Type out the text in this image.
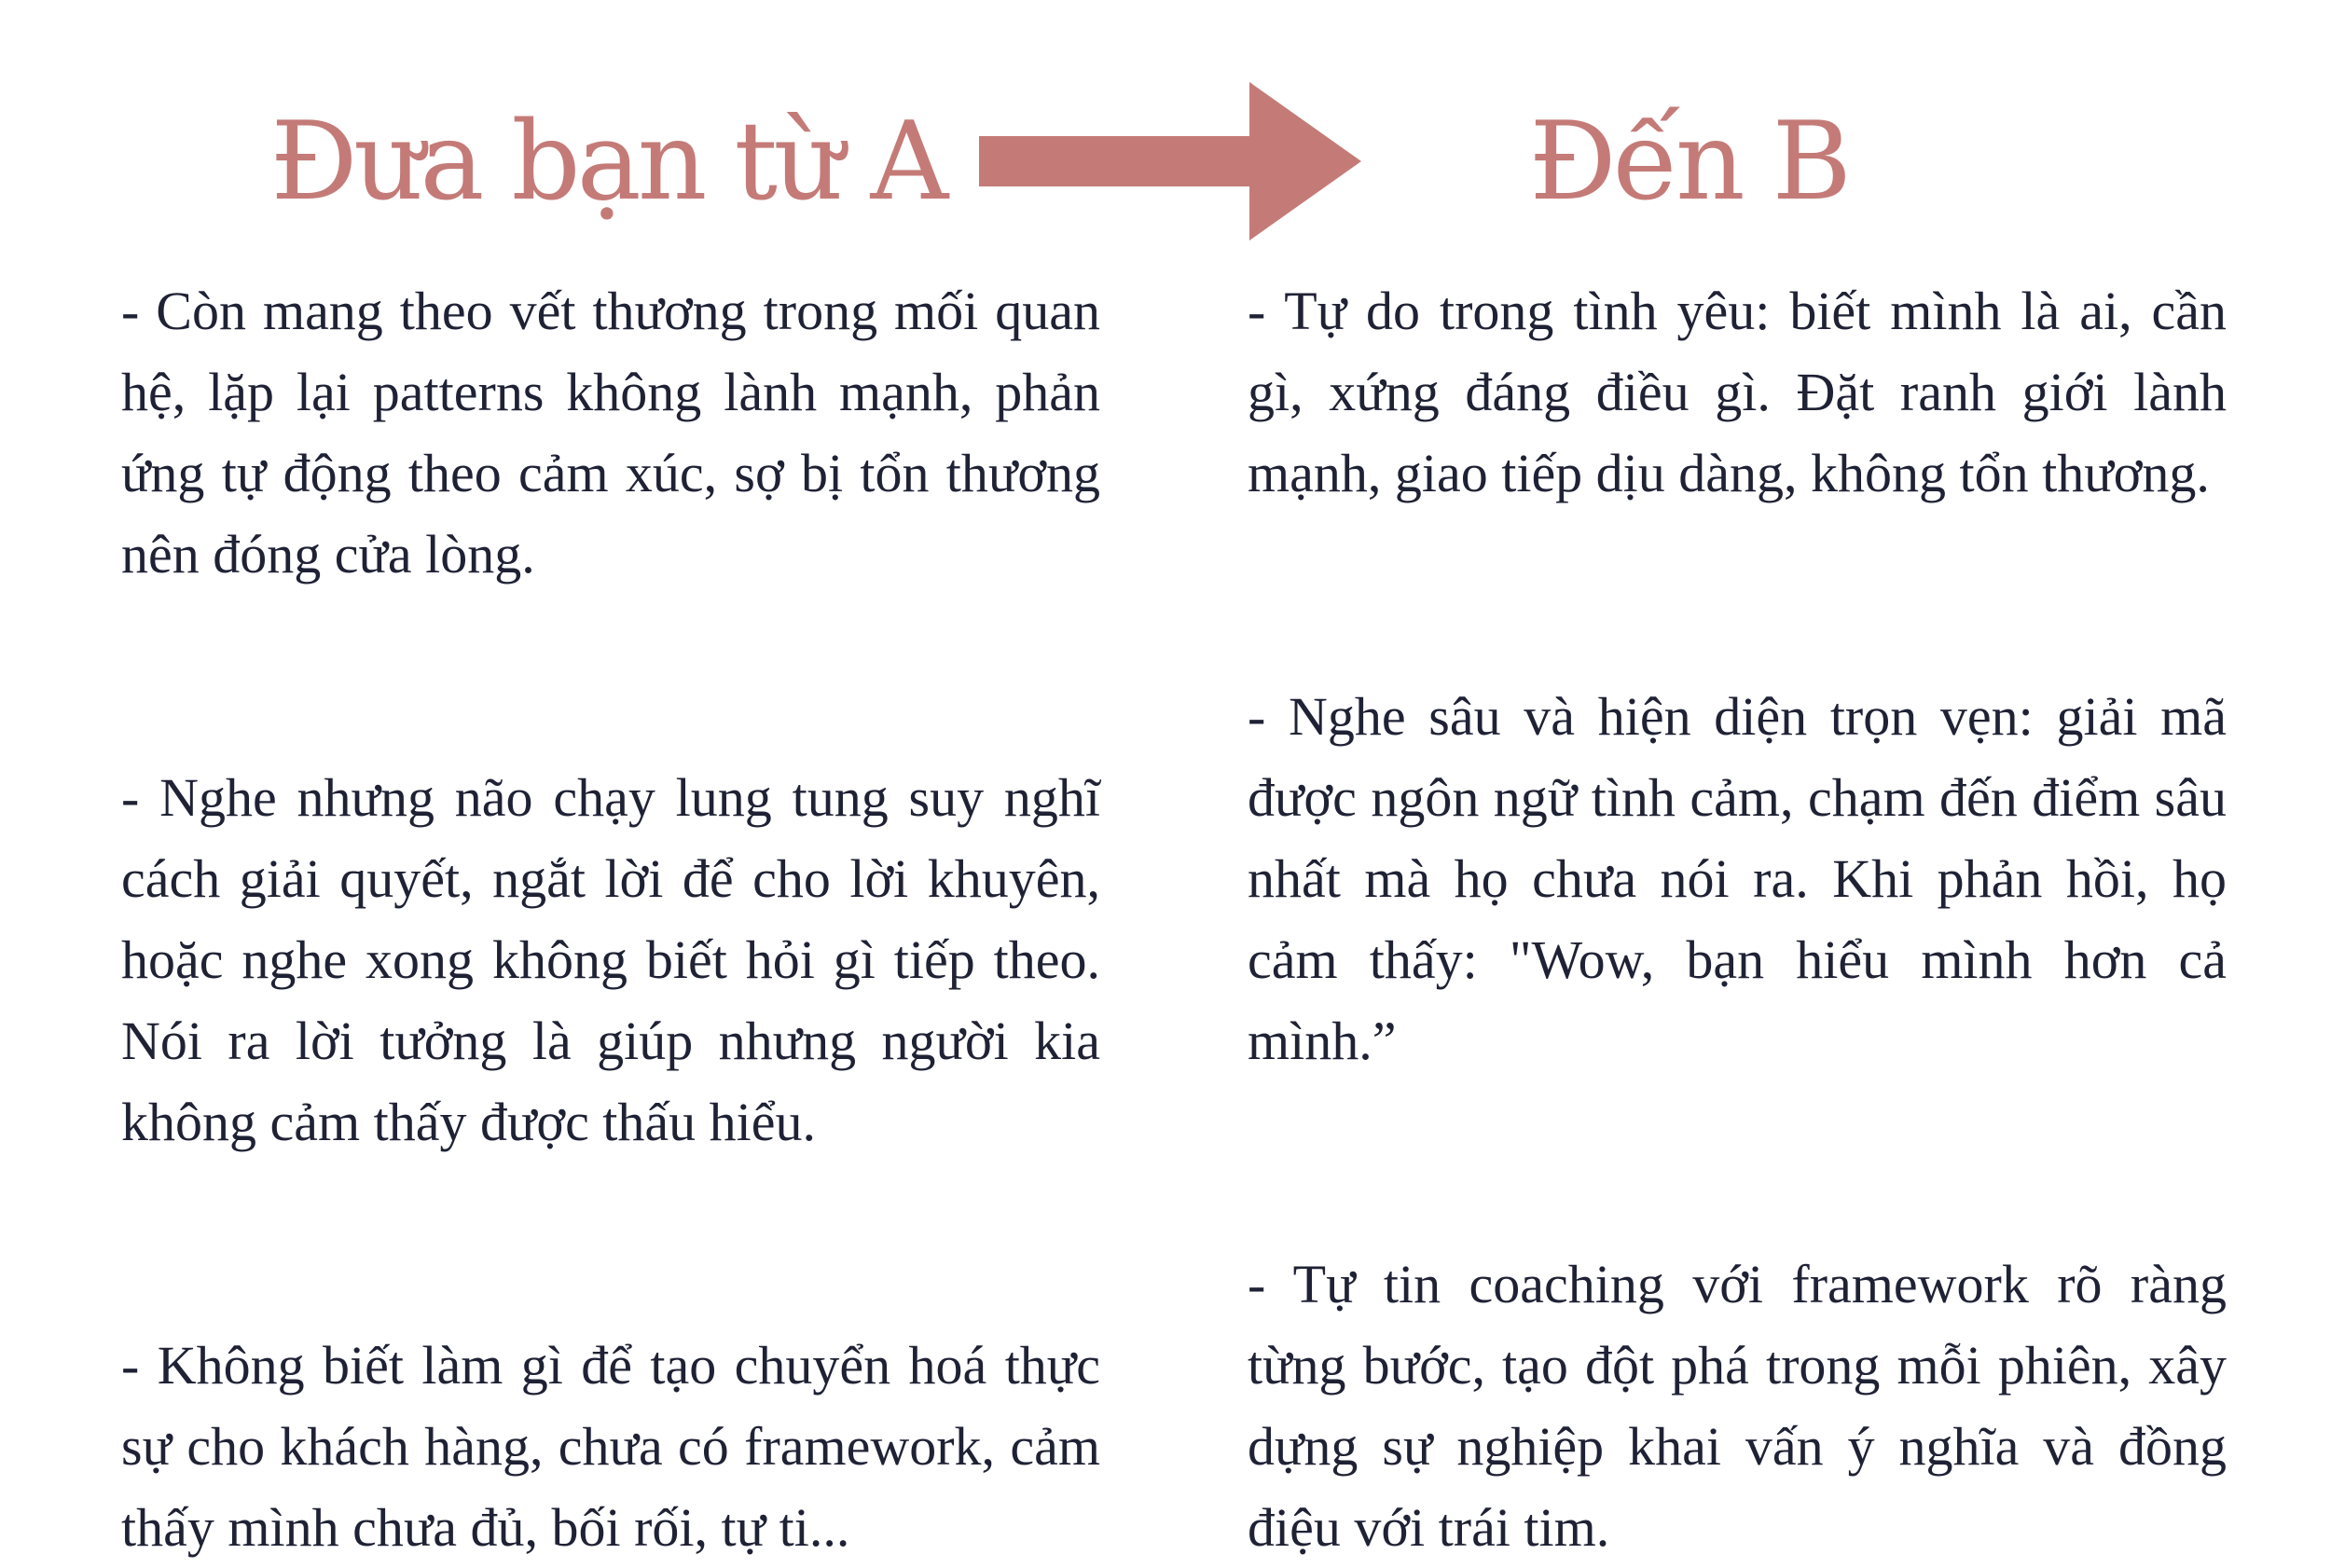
Đưa bạn từ A	Đến B

- Còn mang theo vết thương trong mối quan hệ, lặp lại patterns không lành mạnh, phản ứng tự động theo cảm xúc, sợ bị tổn thương nên đóng cửa lòng.

- Nghe nhưng não chạy lung tung suy nghĩ cách giải quyết, ngắt lời để cho lời khuyên, hoặc nghe xong không biết hỏi gì tiếp theo. Nói ra lời tưởng là giúp nhưng người kia không cảm thấy được thấu hiểu.

- Không biết làm gì để tạo chuyển hoá thực sự cho khách hàng, chưa có framework, cảm thấy mình chưa đủ, bối rối, tự ti...

- Tự do trong tình yêu: biết mình là ai, cần gì, xứng đáng điều gì. Đặt ranh giới lành mạnh, giao tiếp dịu dàng, không tổn thương.

- Nghe sâu và hiện diện trọn vẹn: giải mã được ngôn ngữ tình cảm, chạm đến điểm sâu nhất mà họ chưa nói ra. Khi phản hồi, họ cảm thấy: "Wow, bạn hiểu mình hơn cả mình.”

- Tự tin coaching với framework rõ ràng từng bước, tạo đột phá trong mỗi phiên, xây dựng sự nghiệp khai vấn ý nghĩa và đồng điệu với trái tim.
